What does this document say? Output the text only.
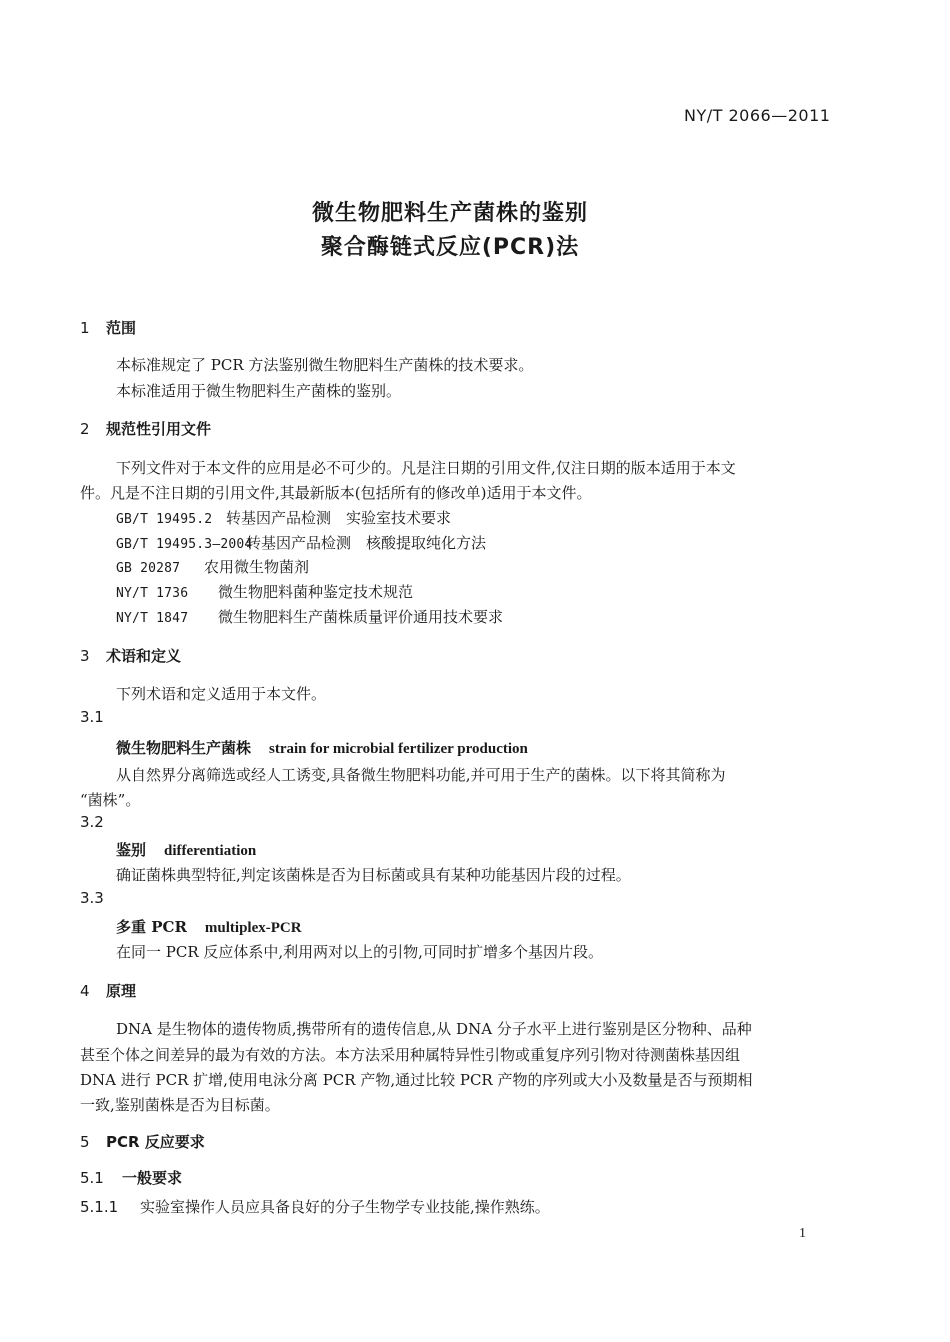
NY/T 2066—2011
微生物肥料生产菌株的鉴别
聚合酶链式反应(PCR)法
1 范围
本标准规定了 PCR 方法鉴别微生物肥料生产菌株的技术要求。
本标准适用于微生物肥料生产菌株的鉴别。
2 规范性引用文件
下列文件对于本文件的应用是必不可少的。凡是注日期的引用文件,仅注日期的版本适用于本文
件。凡是不注日期的引用文件,其最新版本(包括所有的修改单)适用于本文件。
GB/T 19495.2 转基因产品检测　实验室技术要求
GB/T 19495.3—2004转基因产品检测　核酸提取纯化方法
GB 20287 农用微生物菌剂
NY/T 1736 微生物肥料菌种鉴定技术规范
NY/T 1847 微生物肥料生产菌株质量评价通用技术要求
3 术语和定义
下列术语和定义适用于本文件。
3.1
微生物肥料生产菌株 strain for microbial fertilizer production
从自然界分离筛选或经人工诱变,具备微生物肥料功能,并可用于生产的菌株。以下将其简称为
“菌株”。
3.2
鉴别 differentiation
确证菌株典型特征,判定该菌株是否为目标菌或具有某种功能基因片段的过程。
3.3
多重 PCR multiplex-PCR
在同一 PCR 反应体系中,利用两对以上的引物,可同时扩增多个基因片段。
4 原理
DNA 是生物体的遗传物质,携带所有的遗传信息,从 DNA 分子水平上进行鉴别是区分物种、品种
甚至个体之间差异的最为有效的方法。本方法采用种属特异性引物或重复序列引物对待测菌株基因组
DNA 进行 PCR 扩增,使用电泳分离 PCR 产物,通过比较 PCR 产物的序列或大小及数量是否与预期相
一致,鉴别菌株是否为目标菌。
5 PCR 反应要求
5.1 一般要求
5.1.1 实验室操作人员应具备良好的分子生物学专业技能,操作熟练。
1
